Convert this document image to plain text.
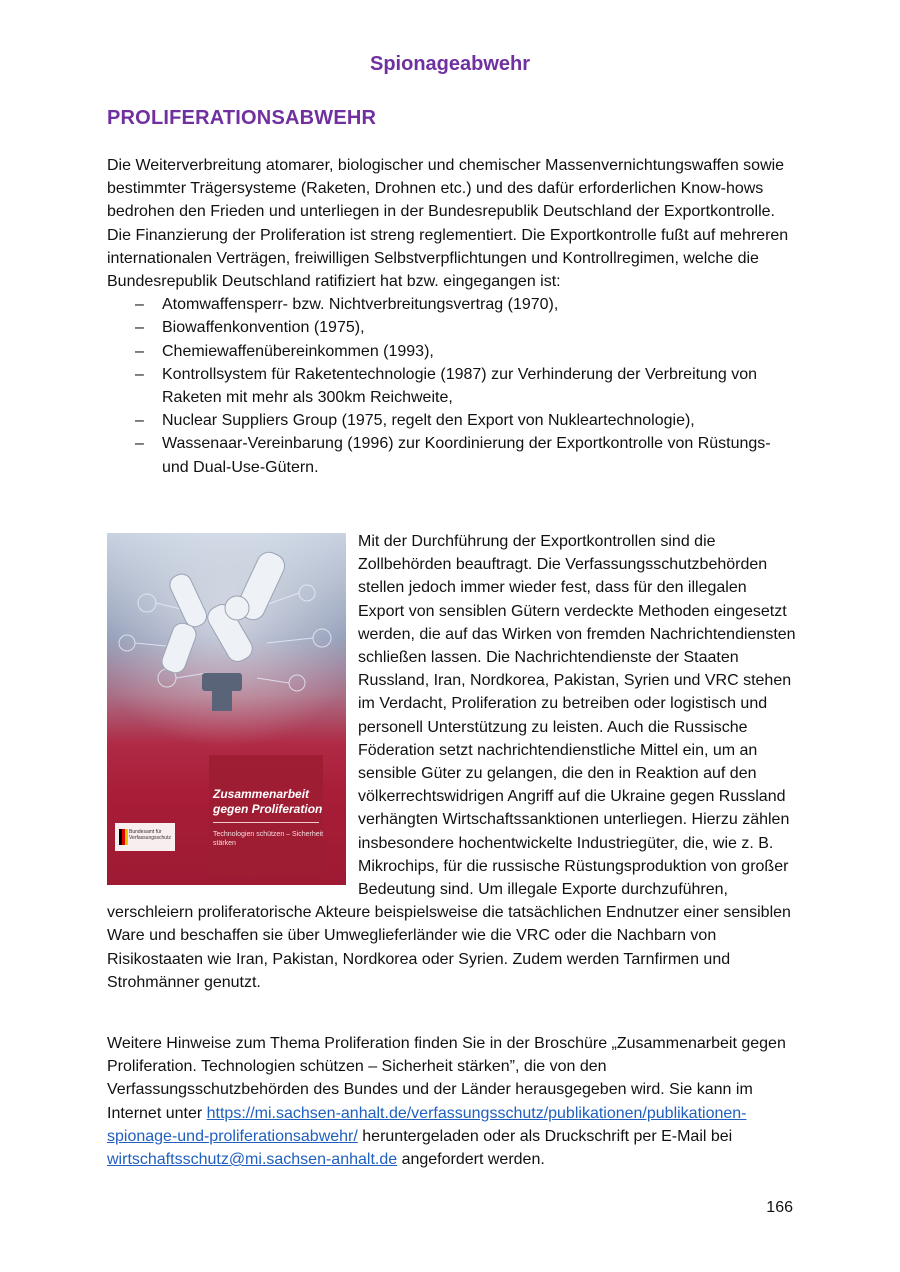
Spionageabwehr
PROLIFERATIONSABWEHR

Die Weiterverbreitung atomarer, biologischer und chemischer Massenvernichtungswaffen sowie bestimmter Trägersysteme (Raketen, Drohnen etc.) und des dafür erforderlichen Know-hows bedrohen den Frieden und unterliegen in der Bundesrepublik Deutschland der Exportkontrolle. Die Finanzierung der Proliferation ist streng reglementiert. Die Exportkontrolle fußt auf mehreren internationalen Verträgen, freiwilligen Selbstverpflichtungen und Kontrollregimen, welche die Bundesrepublik Deutschland ratifiziert hat bzw. eingegangen ist:

– Atomwaffensperr- bzw. Nichtverbreitungsvertrag (1970),
– Biowaffenkonvention (1975),
– Chemiewaffenübereinkommen (1993),
– Kontrollsystem für Raketentechnologie (1987) zur Verhinderung der Verbreitung von Raketen mit mehr als 300km Reichweite,
– Nuclear Suppliers Group (1975, regelt den Export von Nukleartechnologie),
– Wassenaar-Vereinbarung (1996) zur Koordinierung der Exportkontrolle von Rüstungs- und Dual-Use-Gütern.
Zusammenarbeit gegen Proliferation
Technologien schützen – Sicherheit stärken
Bundesamt für Verfassungsschutz

Mit der Durchführung der Exportkontrollen sind die Zollbehörden beauftragt. Die Verfassungsschutzbehörden stellen jedoch immer wieder fest, dass für den illegalen Export von sensiblen Gütern verdeckte Methoden eingesetzt werden, die auf das Wirken von fremden Nachrichtendiensten schließen lassen. Die Nachrichtendienste der Staaten Russland, Iran, Nordkorea, Pakistan, Syrien und VRC stehen im Verdacht, Proliferation zu betreiben oder logistisch und personell Unterstützung zu leisten. Auch die Russische Föderation setzt nachrichtendienstliche Mittel ein, um an sensible Güter zu gelangen, die den in Reaktion auf den völkerrechtswidrigen Angriff auf die Ukraine gegen Russland verhängten Wirtschaftssanktionen unterliegen. Hierzu zählen insbesondere hochentwickelte Industriegüter, die, wie z. B. Mikrochips, für die russische Rüstungsproduktion von großer Bedeutung sind. Um illegale Exporte durchzuführen, verschleiern proliferatorische Akteure beispielsweise die tatsächlichen Endnutzer einer sensiblen Ware und beschaffen sie über Umweglieferländer wie die VRC oder die Nachbarn von Risikostaaten wie Iran, Pakistan, Nordkorea oder Syrien. Zudem werden Tarnfirmen und Strohmänner genutzt.

Weitere Hinweise zum Thema Proliferation finden Sie in der Broschüre „Zusammenarbeit gegen Proliferation. Technologien schützen – Sicherheit stärken”, die von den Verfassungsschutzbehörden des Bundes und der Länder herausgegeben wird. Sie kann im Internet unter https://mi.sachsen-anhalt.de/verfassungsschutz/publikationen/publikationen-spionage-und-proliferationsabwehr/ heruntergeladen oder als Druckschrift per E-Mail bei wirtschaftsschutz@mi.sachsen-anhalt.de angefordert werden.

166
